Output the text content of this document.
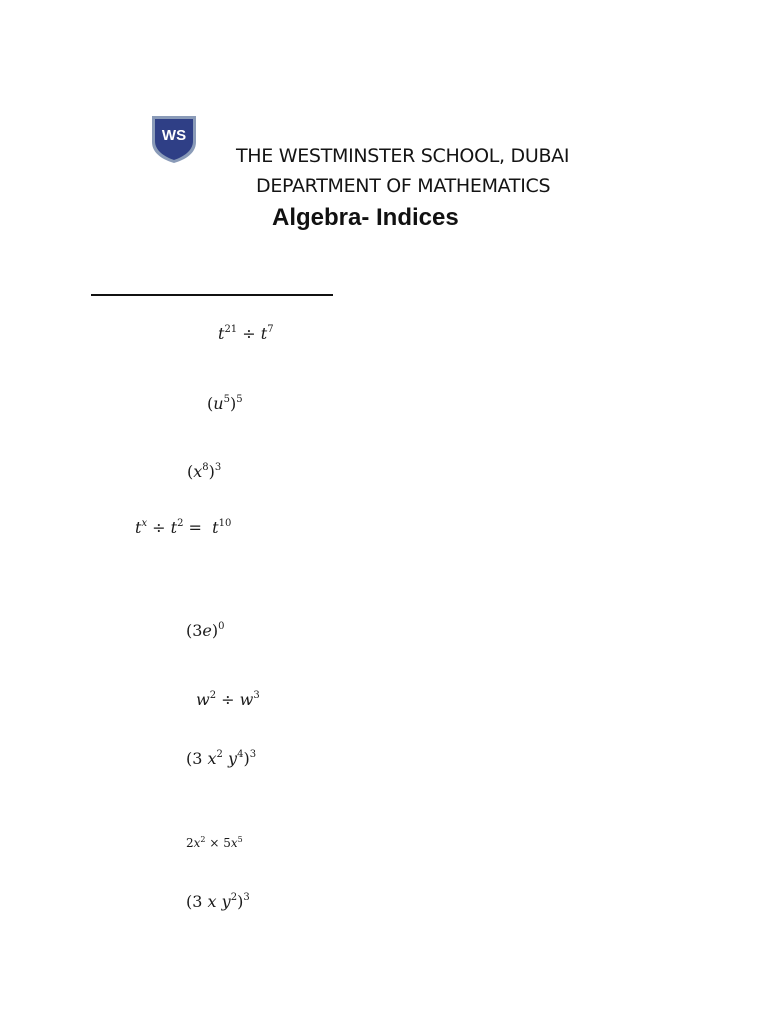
WS
THE WESTMINSTER SCHOOL, DUBAI
DEPARTMENT OF MATHEMATICS
Algebra- Indices
$t^{21} \div t^7$
$(u^5)^5$
$(x^8)^3$
$t^x \div t^2 = t^{10}$
$(3e)^0$
$w^2 \div w^3$
(3 $x^2$ $y^4)^3$
$2x^2 \times 5x^5$
(3 x $y^2)^3$
